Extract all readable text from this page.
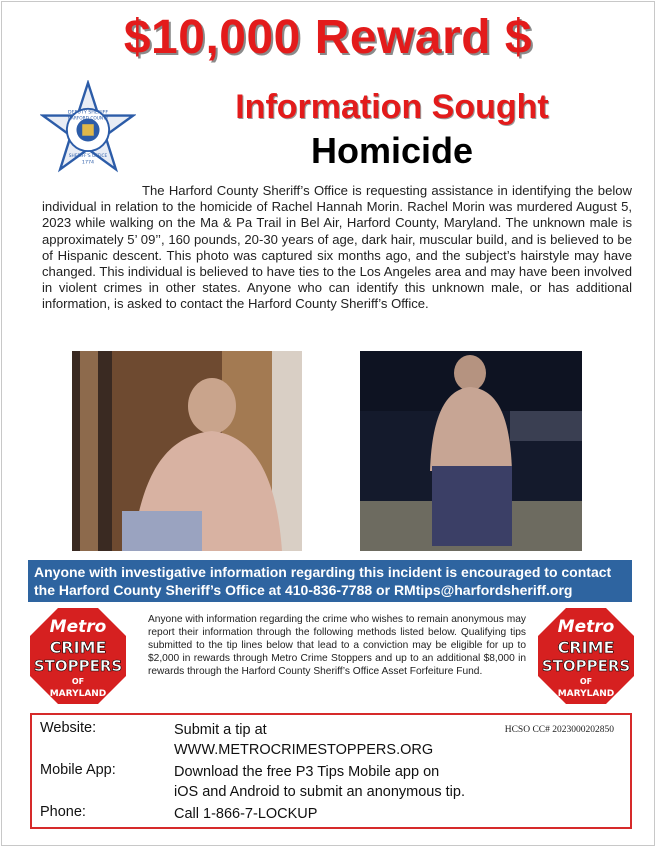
$10,000 Reward $
DEPUTY SHERIFF
HARFORD COUNTY
SHERIFF'S OFFICE
1774
Information Sought
Homicide
The Harford County Sheriff’s Office is requesting assistance in identifying the below individual in relation to the homicide of Rachel Hannah Morin. Rachel Morin was murdered August 5, 2023 while walking on the Ma & Pa Trail in Bel Air, Harford County, Maryland. The unknown male is approximately 5’ 09’’, 160 pounds, 20-30 years of age, dark hair, muscular build, and is believed to be of Hispanic descent. This photo was captured six months ago, and the subject’s hairstyle may have changed. This individual is believed to have ties to the Los Angeles area and may have been involved in violent crimes in other states. Anyone who can identify this unknown male, or has additional information, is asked to contact the Harford County Sheriff’s Office.
Anyone with investigative information regarding this incident is encouraged to contact the Harford County Sheriff’s Office at 410-836-7788 or RMtips@harfordsheriff.org
Metro
CRIME
STOPPERS
OF
MARYLAND
Anyone with information regarding the crime who wishes to remain anonymous may report their information through the following methods listed below. Qualifying tips submitted to the tip lines below that lead to a conviction may be eligible for up to $2,000 in rewards through Metro Crime Stoppers and up to an additional $8,000 in rewards through the Harford County Sheriff’s Office Asset Forfeiture Fund.
Metro
CRIME
STOPPERS
OF
MARYLAND
HCSO CC# 2023000202850
Website:	Submit a tip at
WWW.METROCRIMESTOPPERS.ORG
Mobile App:	Download the free P3 Tips Mobile app on
iOS and Android to submit an anonymous tip.
Phone:	Call 1-866-7-LOCKUP
